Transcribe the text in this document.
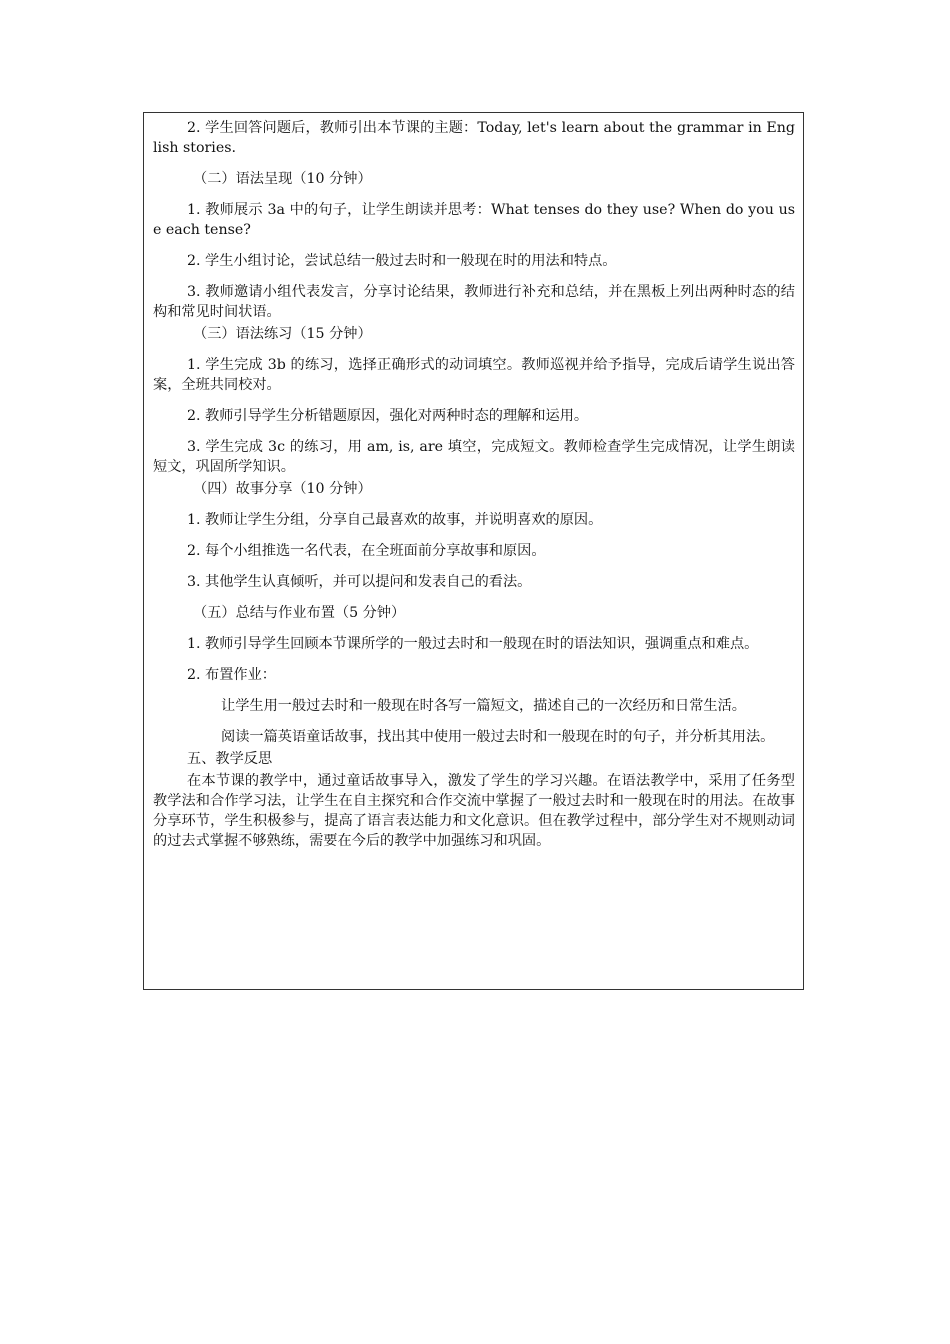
2. 学生回答问题后，教师引出本节课的主题：Today, let's learn about the grammar in English stories.

（二）语法呈现（10 分钟）

1. 教师展示 3a 中的句子，让学生朗读并思考：What tenses do they use? When do you use each tense?

2. 学生小组讨论，尝试总结一般过去时和一般现在时的用法和特点。

3. 教师邀请小组代表发言，分享讨论结果，教师进行补充和总结，并在黑板上列出两种时态的结构和常见时间状语。

（三）语法练习（15 分钟）

1. 学生完成 3b 的练习，选择正确形式的动词填空。教师巡视并给予指导，完成后请学生说出答案，全班共同校对。

2. 教师引导学生分析错题原因，强化对两种时态的理解和运用。

3. 学生完成 3c 的练习，用 am, is, are 填空，完成短文。教师检查学生完成情况，让学生朗读短文，巩固所学知识。

（四）故事分享（10 分钟）

1. 教师让学生分组，分享自己最喜欢的故事，并说明喜欢的原因。

2. 每个小组推选一名代表，在全班面前分享故事和原因。

3. 其他学生认真倾听，并可以提问和发表自己的看法。

（五）总结与作业布置（5 分钟）

1. 教师引导学生回顾本节课所学的一般过去时和一般现在时的语法知识，强调重点和难点。

2. 布置作业：

让学生用一般过去时和一般现在时各写一篇短文，描述自己的一次经历和日常生活。

阅读一篇英语童话故事，找出其中使用一般过去时和一般现在时的句子，并分析其用法。

五、教学反思

在本节课的教学中，通过童话故事导入，激发了学生的学习兴趣。在语法教学中，采用了任务型教学法和合作学习法，让学生在自主探究和合作交流中掌握了一般过去时和一般现在时的用法。在故事分享环节，学生积极参与，提高了语言表达能力和文化意识。但在教学过程中，部分学生对不规则动词的过去式掌握不够熟练，需要在今后的教学中加强练习和巩固。
